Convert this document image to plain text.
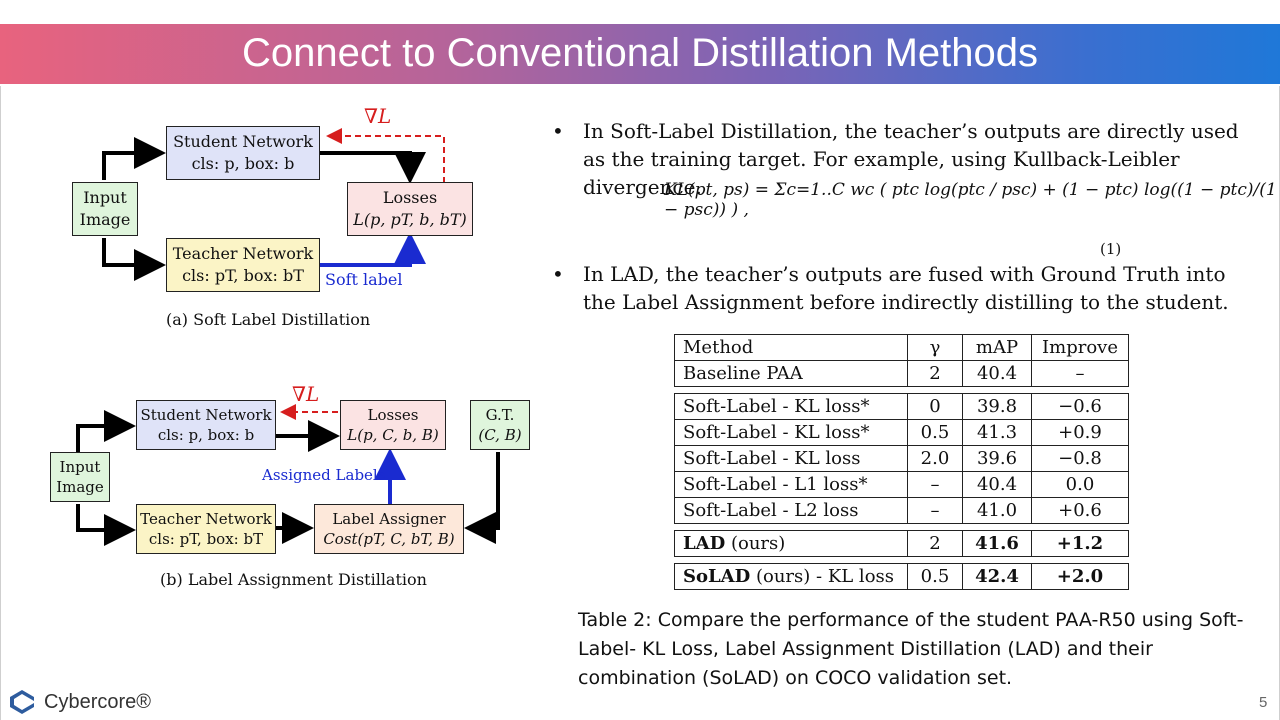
Connect to Conventional Distillation Methods
Student Network
cls: p, box: b
Teacher Network
cls: pT, box: bT
Input
Image
Losses
L(p, pT, b, bT)
∇L
Soft label
(a) Soft Label Distillation
Student Network
cls: p, box: b
Teacher Network
cls: pT, box: bT
Input
Image
Losses
L(p, C, b, B)
G.T.
(C, B)
Label Assigner
Cost(pT, C, bT, B)
∇L
Assigned Labels
(b) Label Assignment Distillation
• In Soft-Label Distillation, the teacher’s outputs are directly used as the training target. For example, using Kullback-Leibler divergence.
KL(pt, ps) = Σc=1..C wc ( ptc log(ptc / psc) + (1 − ptc) log((1 − ptc)/(1 − psc)) ) ,
(1)
• In LAD, the teacher’s outputs are fused with Ground Truth into the Label Assignment before indirectly distilling to the student.
Method	γ	mAP	Improve
Baseline PAA	2	40.4	–

Soft-Label - KL loss*	0	39.8	−0.6
Soft-Label - KL loss*	0.5	41.3	+0.9
Soft-Label - KL loss	2.0	39.6	−0.8
Soft-Label - L1 loss*	–	40.4	0.0
Soft-Label - L2 loss	–	41.0	+0.6

LAD (ours)	2	41.6	+1.2

SoLAD (ours) - KL loss	0.5	42.4	+2.0
Table 2: Compare the performance of the student PAA-R50 using Soft-Label- KL Loss, Label Assignment Distillation (LAD) and their combination (SoLAD) on COCO validation set.
Cybercore®	5
